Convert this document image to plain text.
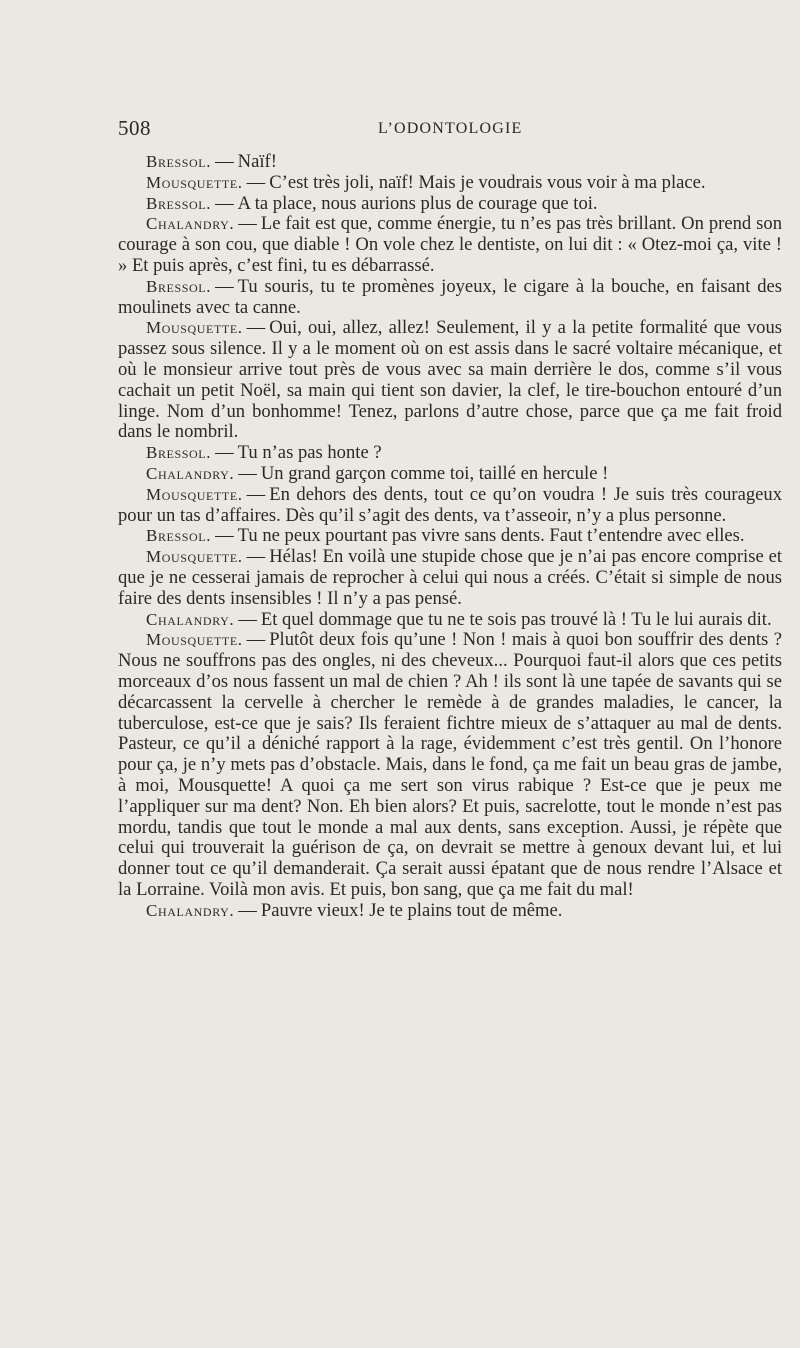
508	L’ODONTOLOGIE

Bressol. — Naïf!

Mousquette. — C’est très joli, naïf! Mais je voudrais vous voir à ma place.

Bressol. — A ta place, nous aurions plus de courage que toi.

Chalandry. — Le fait est que, comme énergie, tu n’es pas très brillant. On prend son courage à son cou, que diable ! On vole chez le dentiste, on lui dit : « Otez-moi ça, vite ! » Et puis après, c’est fini, tu es débarrassé.

Bressol. — Tu souris, tu te promènes joyeux, le cigare à la bouche, en faisant des moulinets avec ta canne.

Mousquette. — Oui, oui, allez, allez! Seulement, il y a la petite formalité que vous passez sous silence. Il y a le moment où on est assis dans le sacré voltaire mécanique, et où le monsieur arrive tout près de vous avec sa main derrière le dos, comme s’il vous cachait un petit Noël, sa main qui tient son davier, la clef, le tire-bouchon entouré d’un linge. Nom d’un bonhomme! Tenez, parlons d’autre chose, parce que ça me fait froid dans le nombril.

Bressol. — Tu n’as pas honte ?

Chalandry. — Un grand garçon comme toi, taillé en hercule !

Mousquette. — En dehors des dents, tout ce qu’on voudra ! Je suis très courageux pour un tas d’affaires. Dès qu’il s’agit des dents, va t’asseoir, n’y a plus personne.

Bressol. — Tu ne peux pourtant pas vivre sans dents. Faut t’entendre avec elles.

Mousquette. — Hélas! En voilà une stupide chose que je n’ai pas encore comprise et que je ne cesserai jamais de reprocher à celui qui nous a créés. C’était si simple de nous faire des dents insensibles ! Il n’y a pas pensé.

Chalandry. — Et quel dommage que tu ne te sois pas trouvé là ! Tu le lui aurais dit.

Mousquette. — Plutôt deux fois qu’une ! Non ! mais à quoi bon souffrir des dents ? Nous ne souffrons pas des ongles, ni des cheveux... Pourquoi faut-il alors que ces petits morceaux d’os nous fassent un mal de chien ? Ah ! ils sont là une tapée de savants qui se décarcassent la cervelle à chercher le remède à de grandes maladies, le cancer, la tuberculose, est-ce que je sais? Ils feraient fichtre mieux de s’attaquer au mal de dents. Pasteur, ce qu’il a déniché rapport à la rage, évidemment c’est très gentil. On l’honore pour ça, je n’y mets pas d’obstacle. Mais, dans le fond, ça me fait un beau gras de jambe, à moi, Mousquette! A quoi ça me sert son virus rabique ? Est-ce que je peux me l’appliquer sur ma dent? Non. Eh bien alors? Et puis, sacrelotte, tout le monde n’est pas mordu, tandis que tout le monde a mal aux dents, sans exception. Aussi, je répète que celui qui trouverait la guérison de ça, on devrait se mettre à genoux devant lui, et lui donner tout ce qu’il demanderait. Ça serait aussi épatant que de nous rendre l’Alsace et la Lorraine. Voilà mon avis. Et puis, bon sang, que ça me fait du mal!

Chalandry. — Pauvre vieux! Je te plains tout de même.
